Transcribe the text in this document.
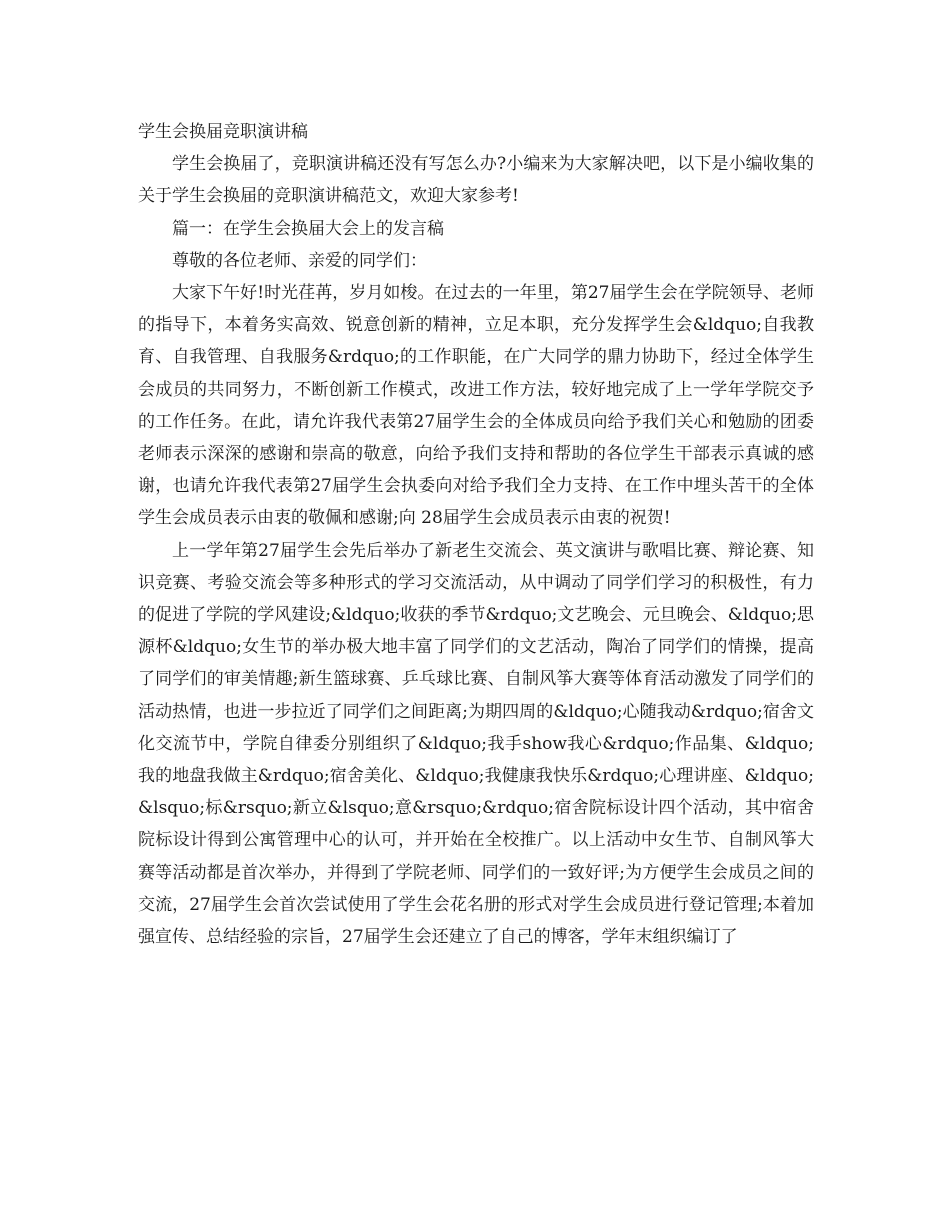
学生会换届竞职演讲稿

学生会换届了，竞职演讲稿还没有写怎么办?小编来为大家解决吧，以下是小编收集的关于学生会换届的竞职演讲稿范文，欢迎大家参考!

篇一：在学生会换届大会上的发言稿

尊敬的各位老师、亲爱的同学们：

大家下午好!时光荏苒，岁月如梭。在过去的一年里，第27届学生会在学院领导、老师的指导下，本着务实高效、锐意创新的精神，立足本职，充分发挥学生会&ldquo;自我教育、自我管理、自我服务&rdquo;的工作职能，在广大同学的鼎力协助下，经过全体学生会成员的共同努力，不断创新工作模式，改进工作方法，较好地完成了上一学年学院交予的工作任务。在此，请允许我代表第27届学生会的全体成员向给予我们关心和勉励的团委老师表示深深的感谢和崇高的敬意，向给予我们支持和帮助的各位学生干部表示真诚的感谢，也请允许我代表第27届学生会执委向对给予我们全力支持、在工作中埋头苦干的全体学生会成员表示由衷的敬佩和感谢;向 28届学生会成员表示由衷的祝贺!

上一学年第27届学生会先后举办了新老生交流会、英文演讲与歌唱比赛、辩论赛、知识竞赛、考验交流会等多种形式的学习交流活动，从中调动了同学们学习的积极性，有力的促进了学院的学风建设;&ldquo;收获的季节&rdquo;文艺晚会、元旦晚会、&ldquo;思源杯&ldquo;女生节的举办极大地丰富了同学们的文艺活动，陶冶了同学们的情操，提高了同学们的审美情趣;新生篮球赛、乒乓球比赛、自制风筝大赛等体育活动激发了同学们的活动热情，也进一步拉近了同学们之间距离;为期四周的&ldquo;心随我动&rdquo;宿舍文化交流节中，学院自律委分别组织了&ldquo;我手show我心&rdquo;作品集、&ldquo;我的地盘我做主&rdquo;宿舍美化、&ldquo;我健康我快乐&rdquo;心理讲座、&ldquo;&lsquo;标&rsquo;新立&lsquo;意&rsquo;&rdquo;宿舍院标设计四个活动，其中宿舍院标设计得到公寓管理中心的认可，并开始在全校推广。以上活动中女生节、自制风筝大赛等活动都是首次举办，并得到了学院老师、同学们的一致好评;为方便学生会成员之间的交流，27届学生会首次尝试使用了学生会花名册的形式对学生会成员进行登记管理;本着加强宣传、总结经验的宗旨，27届学生会还建立了自己的博客，学年末组织编订了
